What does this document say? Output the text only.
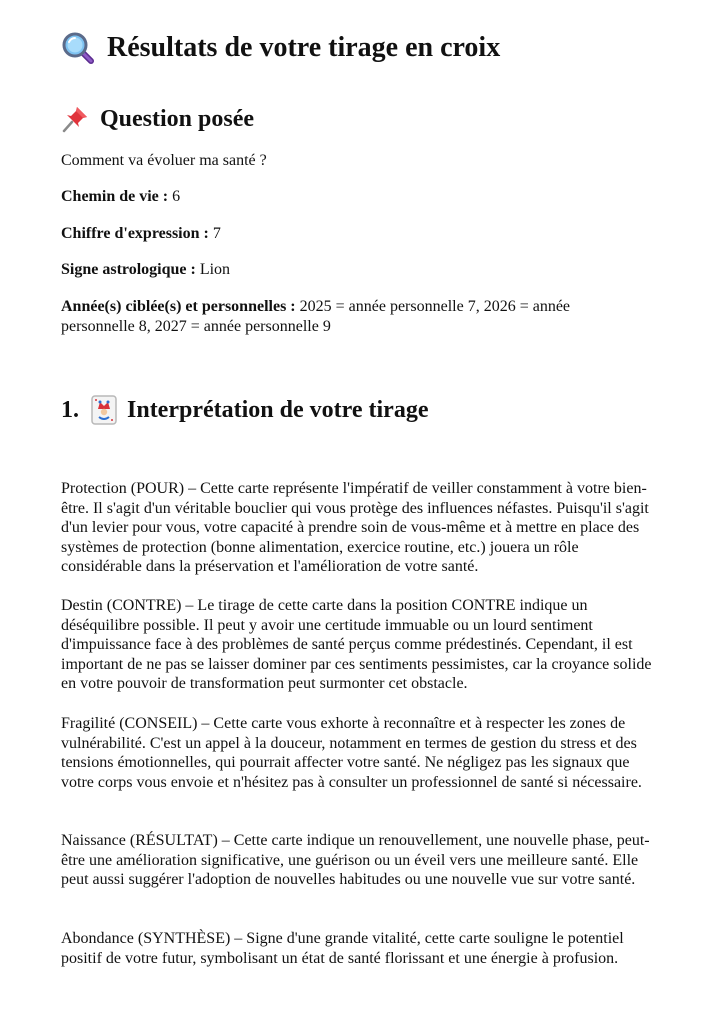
Résultats de votre tirage en croix
Question posée

Comment va évoluer ma santé ?

Chemin de vie : 6

Chiffre d'expression : 7

Signe astrologique : Lion

Année(s) ciblée(s) et personnelles : 2025 = année personnelle 7, 2026 = année personnelle 8, 2027 = année personnelle 9

1. Interprétation de votre tirage

Protection (POUR) – Cette carte représente l'impératif de veiller constamment à votre bien-être. Il s'agit d'un véritable bouclier qui vous protège des influences néfastes. Puisqu'il s'agit d'un levier pour vous, votre capacité à prendre soin de vous-même et à mettre en place des systèmes de protection (bonne alimentation, exercice routine, etc.) jouera un rôle considérable dans la préservation et l'amélioration de votre santé.

Destin (CONTRE) – Le tirage de cette carte dans la position CONTRE indique un déséquilibre possible. Il peut y avoir une certitude immuable ou un lourd sentiment d'impuissance face à des problèmes de santé perçus comme prédestinés. Cependant, il est important de ne pas se laisser dominer par ces sentiments pessimistes, car la croyance solide en votre pouvoir de transformation peut surmonter cet obstacle.

Fragilité (CONSEIL) – Cette carte vous exhorte à reconnaître et à respecter les zones de vulnérabilité. C'est un appel à la douceur, notamment en termes de gestion du stress et des tensions émotionnelles, qui pourrait affecter votre santé. Ne négligez pas les signaux que votre corps vous envoie et n'hésitez pas à consulter un professionnel de santé si nécessaire.

Naissance (RÉSULTAT) – Cette carte indique un renouvellement, une nouvelle phase, peut-être une amélioration significative, une guérison ou un éveil vers une meilleure santé. Elle peut aussi suggérer l'adoption de nouvelles habitudes ou une nouvelle vue sur votre santé.

Abondance (SYNTHÈSE) – Signe d'une grande vitalité, cette carte souligne le potentiel positif de votre futur, symbolisant un état de santé florissant et une énergie à profusion.
